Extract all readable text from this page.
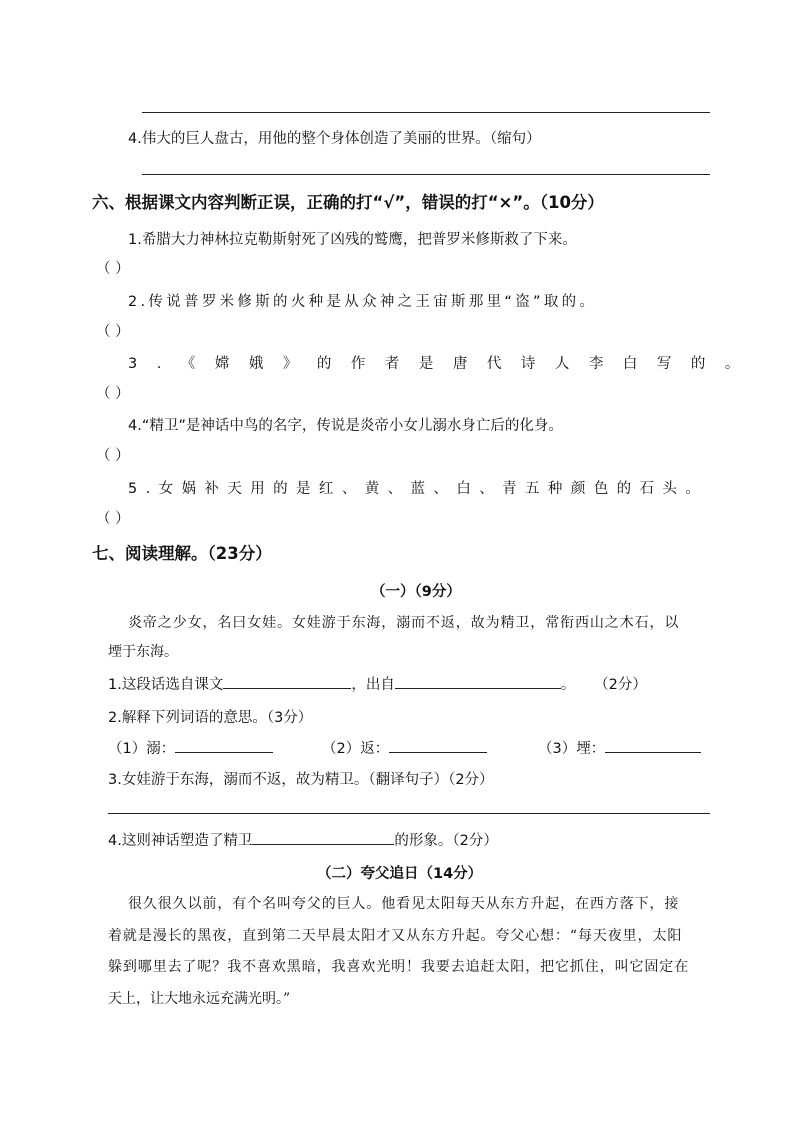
4.伟大的巨人盘古，用他的整个身体创造了美丽的世界。（缩句）
六、根据课文内容判断正误，正确的打“√”，错误的打“×”。（10分）
1.希腊大力神林拉克勒斯射死了凶残的鹫鹰，把普罗米修斯救了下来。
（ ）
2.传说普罗米修斯的火种是从众神之王宙斯那里“盗”取的。
（ ）
3.《嫦娥》的作者是唐代诗人李白写的。
（ ）
4.“精卫”是神话中鸟的名字，传说是炎帝小女儿溺水身亡后的化身。
（ ）
5.女娲补天用的是红、黄、蓝、白、青五种颜色的石头。
（ ）
七、阅读理解。（23分）
（一）（9分）
炎帝之少女，名曰女娃。女娃游于东海，溺而不返，故为精卫，常衔西山之木石，以
堙于东海。
1.这段话选自课文	，出自	。 （2分）
2.解释下列词语的意思。（3分）
（1）溺：	（2）返：	（3）堙：
3.女娃游于东海，溺而不返，故为精卫。（翻译句子）（2分）
4.这则神话塑造了精卫	的形象。（2分）
（二）夸父追日（14分）
很久很久以前，有个名叫夸父的巨人。他看见太阳每天从东方升起，在西方落下，接
着就是漫长的黑夜，直到第二天早晨太阳才又从东方升起。夸父心想：“每天夜里，太阳
躲到哪里去了呢？我不喜欢黑暗，我喜欢光明！我要去追赶太阳，把它抓住，叫它固定在
天上，让大地永远充满光明。”
